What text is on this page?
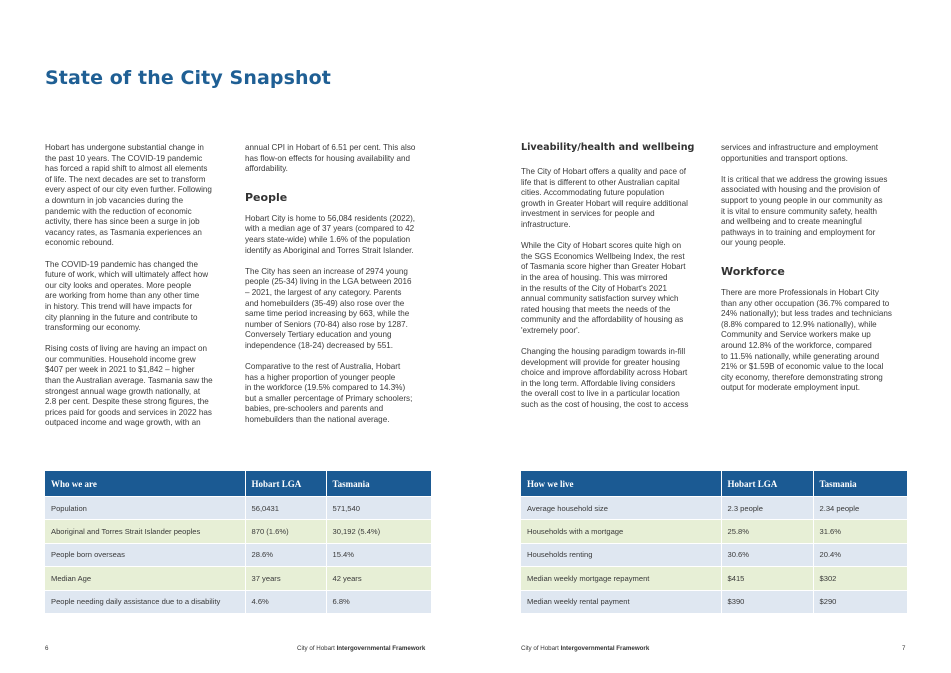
State of the City Snapshot

Hobart has undergone substantial change in
the past 10 years. The COVID-19 pandemic
has forced a rapid shift to almost all elements
of life. The next decades are set to transform
every aspect of our city even further. Following
a downturn in job vacancies during the
pandemic with the reduction of economic
activity, there has since been a surge in job
vacancy rates, as Tasmania experiences an
economic rebound.

The COVID-19 pandemic has changed the
future of work, which will ultimately affect how
our city looks and operates. More people
are working from home than any other time
in history. This trend will have impacts for
city planning in the future and contribute to
transforming our economy.

Rising costs of living are having an impact on
our communities. Household income grew
$407 per week in 2021 to $1,842 – higher
than the Australian average. Tasmania saw the
strongest annual wage growth nationally, at
2.8 per cent. Despite these strong figures, the
prices paid for goods and services in 2022 has
outpaced income and wage growth, with an

annual CPI in Hobart of 6.51 per cent. This also
has flow-on effects for housing availability and
affordability.

People

Hobart City is home to 56,084 residents (2022),
with a median age of 37 years (compared to 42
years state-wide) while 1.6% of the population
identify as Aboriginal and Torres Strait Islander.

The City has seen an increase of 2974 young
people (25-34) living in the LGA between 2016
– 2021, the largest of any category. Parents
and homebuilders (35-49) also rose over the
same time period increasing by 663, while the
number of Seniors (70-84) also rose by 1287.
Conversely Tertiary education and young
independence (18-24) decreased by 551.

Comparative to the rest of Australia, Hobart
has a higher proportion of younger people
in the workforce (19.5% compared to 14.3%)
but a smaller percentage of Primary schoolers;
babies, pre-schoolers and parents and
homebuilders than the national average.

Liveability/health and wellbeing

The City of Hobart offers a quality and pace of
life that is different to other Australian capital
cities. Accommodating future population
growth in Greater Hobart will require additional
investment in services for people and
infrastructure.

While the City of Hobart scores quite high on
the SGS Economics Wellbeing Index, the rest
of Tasmania score higher than Greater Hobart
in the area of housing. This was mirrored
in the results of the City of Hobart's 2021
annual community satisfaction survey which
rated housing that meets the needs of the
community and the affordability of housing as
'extremely poor'.

Changing the housing paradigm towards in-fill
development will provide for greater housing
choice and improve affordability across Hobart
in the long term. Affordable living considers
the overall cost to live in a particular location
such as the cost of housing, the cost to access

services and infrastructure and employment
opportunities and transport options.

It is critical that we address the growing issues
associated with housing and the provision of
support to young people in our community as
it is vital to ensure community safety, health
and wellbeing and to create meaningful
pathways in to training and employment for
our young people.

Workforce

There are more Professionals in Hobart City
than any other occupation (36.7% compared to
24% nationally); but less trades and technicians
(8.8% compared to 12.9% nationally), while
Community and Service workers make up
around 12.8% of the workforce, compared
to 11.5% nationally, while generating around
21% or $1.59B of economic value to the local
city economy, therefore demonstrating strong
output for moderate employment input.

Who we are	Hobart LGA	Tasmania
Population	56,0431	571,540
Aboriginal and Torres Strait Islander peoples	870 (1.6%)	30,192 (5.4%)
People born overseas	28.6%	15.4%
Median Age	37 years	42 years
People needing daily assistance due to a disability	4.6%	6.8%
How we live	Hobart LGA	Tasmania
Average household size	2.3 people	2.34 people
Households with a mortgage	25.8%	31.6%
Households renting	30.6%	20.4%
Median weekly mortgage repayment	$415	$302
Median weekly rental payment	$390	$290
6	City of Hobart Intergovernmental Framework	City of Hobart Intergovernmental Framework	7
